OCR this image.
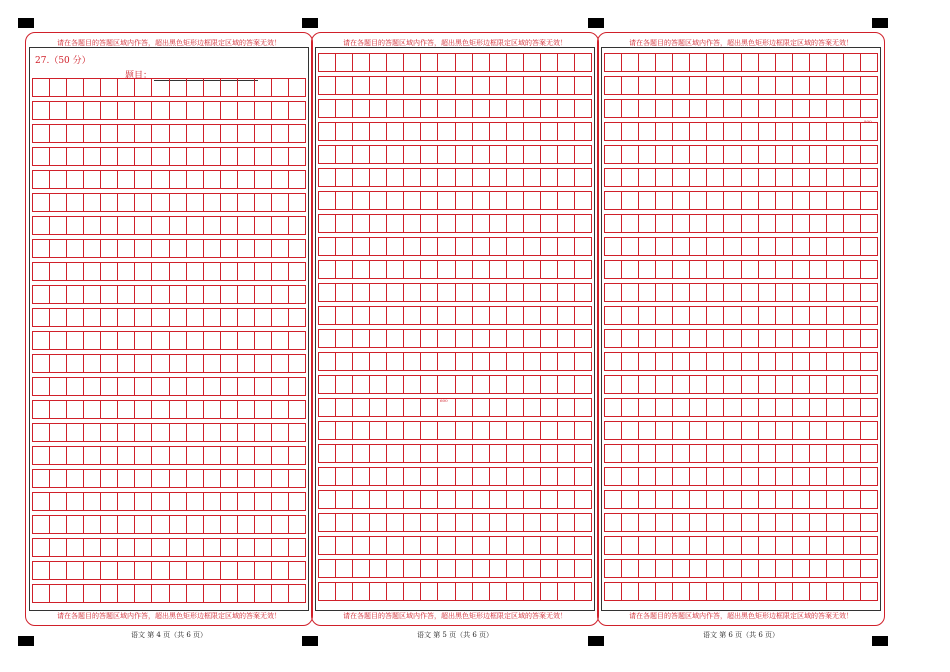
请在各题目的答题区域内作答，超出黑色矩形边框限定区域的答案无效！
27.（50 分）
题目：
请在各题目的答题区域内作答，超出黑色矩形边框限定区域的答案无效！
请在各题目的答题区域内作答，超出黑色矩形边框限定区域的答案无效！
600
请在各题目的答题区域内作答，超出黑色矩形边框限定区域的答案无效！
请在各题目的答题区域内作答，超出黑色矩形边框限定区域的答案无效！
800
请在各题目的答题区域内作答，超出黑色矩形边框限定区域的答案无效！
语文 第 4 页（共 6 页）	语文 第 5 页（共 6 页）	语文 第 6 页（共 6 页）
